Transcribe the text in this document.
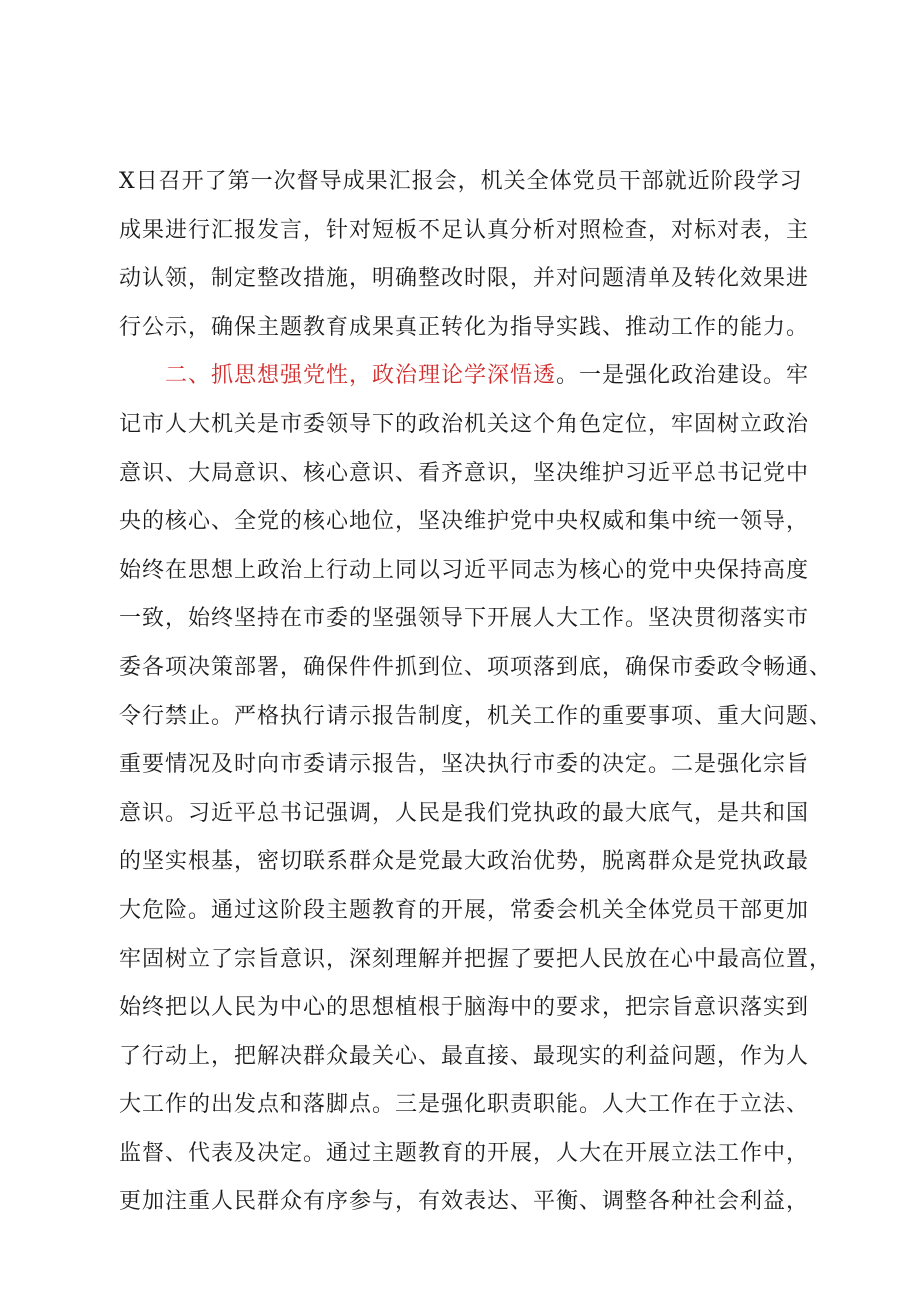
X日召开了第一次督导成果汇报会，机关全体党员干部就近阶段学习
成果进行汇报发言，针对短板不足认真分析对照检查，对标对表，主
动认领，制定整改措施，明确整改时限，并对问题清单及转化效果进
行公示，确保主题教育成果真正转化为指导实践、推动工作的能力。
二、抓思想强党性，政治理论学深悟透。一是强化政治建设。牢
记市人大机关是市委领导下的政治机关这个角色定位，牢固树立政治
意识、大局意识、核心意识、看齐意识，坚决维护习近平总书记党中
央的核心、全党的核心地位，坚决维护党中央权威和集中统一领导，
始终在思想上政治上行动上同以习近平同志为核心的党中央保持高度
一致，始终坚持在市委的坚强领导下开展人大工作。坚决贯彻落实市
委各项决策部署，确保件件抓到位、项项落到底，确保市委政令畅通、
令行禁止。严格执行请示报告制度，机关工作的重要事项、重大问题、
重要情况及时向市委请示报告，坚决执行市委的决定。二是强化宗旨
意识。习近平总书记强调，人民是我们党执政的最大底气，是共和国
的坚实根基，密切联系群众是党最大政治优势，脱离群众是党执政最
大危险。通过这阶段主题教育的开展，常委会机关全体党员干部更加
牢固树立了宗旨意识，深刻理解并把握了要把人民放在心中最高位置，
始终把以人民为中心的思想植根于脑海中的要求，把宗旨意识落实到
了行动上，把解决群众最关心、最直接、最现实的利益问题，作为人
大工作的出发点和落脚点。三是强化职责职能。人大工作在于立法、
监督、代表及决定。通过主题教育的开展，人大在开展立法工作中，
更加注重人民群众有序参与，有效表达、平衡、调整各种社会利益，
